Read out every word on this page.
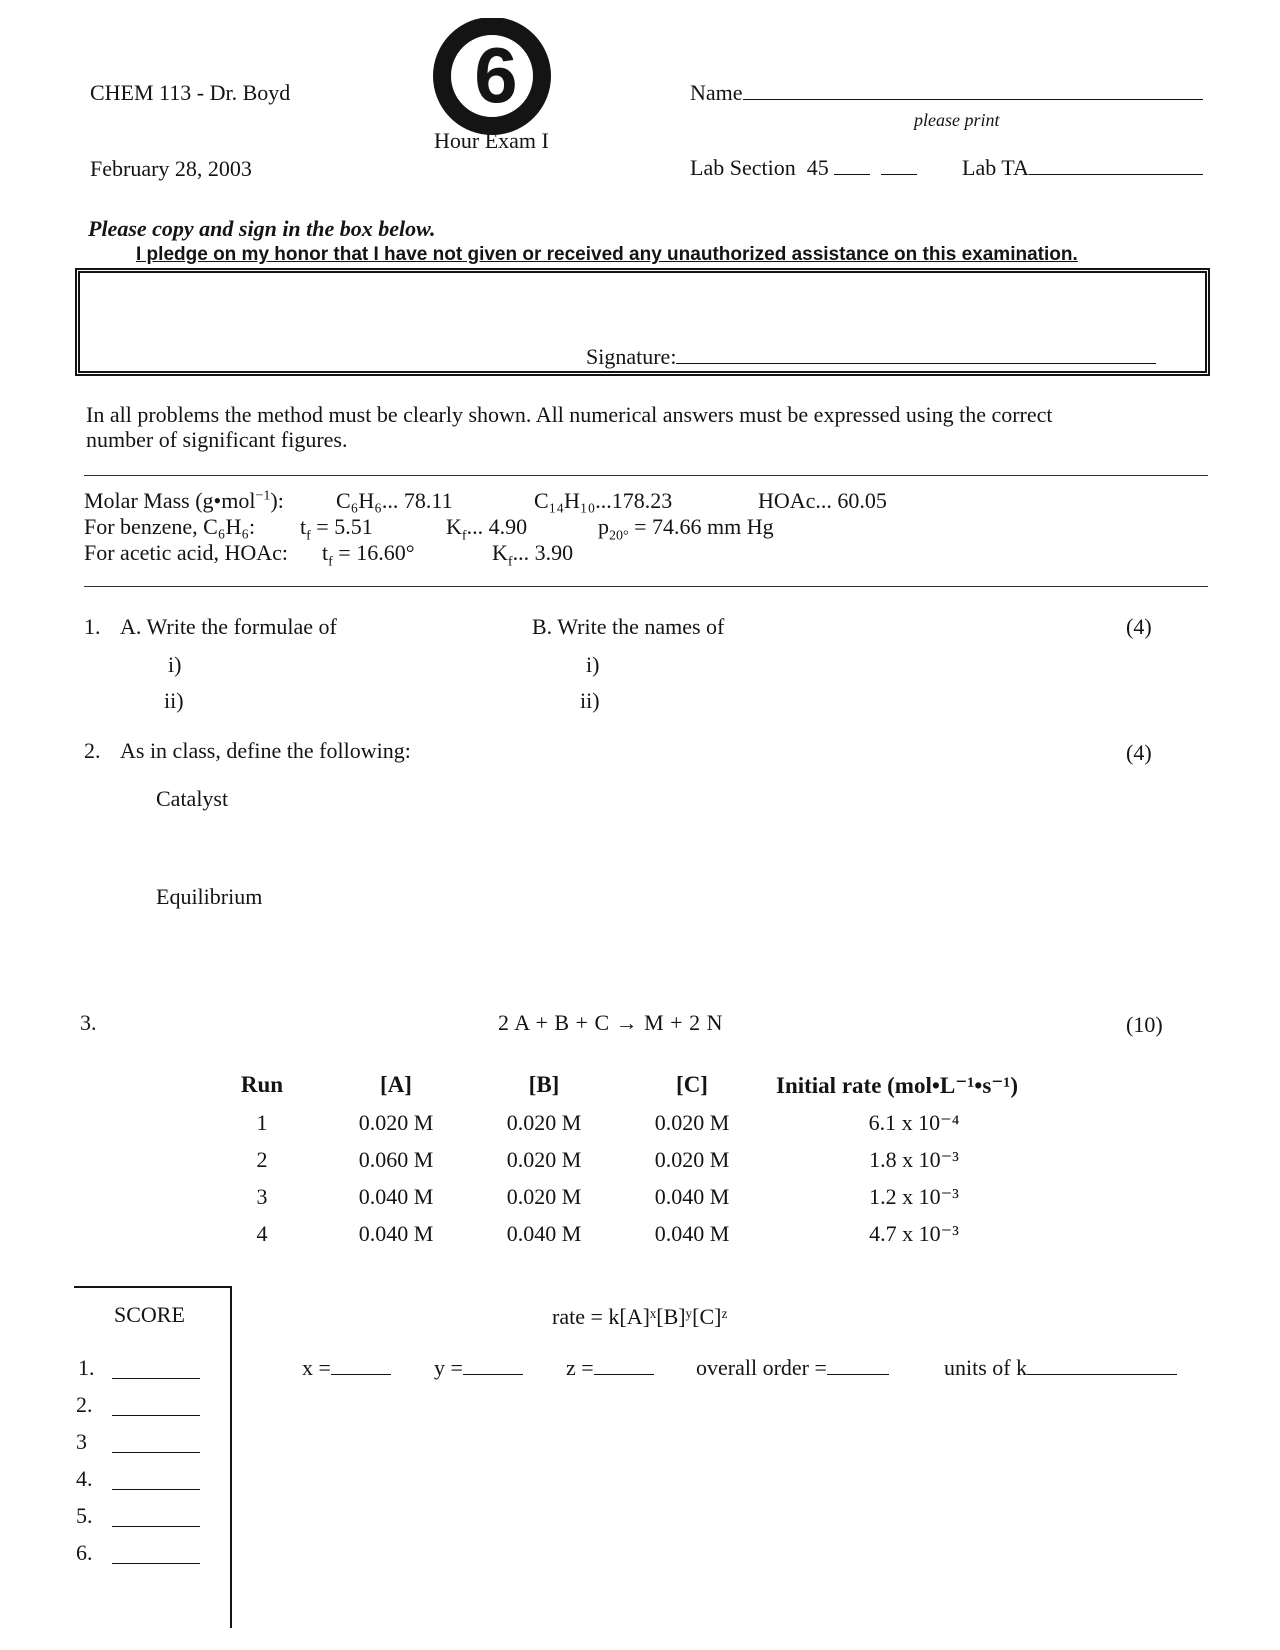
CHEM 113 - Dr. Boyd
February 28, 2003
6
Hour Exam I
Name
please print
Lab Section 45	Lab TA
Please copy and sign in the box below.
I pledge on my honor that I have not given or received any unauthorized assistance on this examination.
Signature:
In all problems the method must be clearly shown. All numerical answers must be expressed using the correct
number of significant figures.
Molar Mass (g•mol$^{-1}$): C₆H₆... 78.11	C₁₄H₁₀...178.23	HOAc... 60.05
For benzene, C₆H₆: $t_f = 5.51$	$K_f$... 4.90	$p_{20^\circ} = 74.66$ mm Hg
For acetic acid, HOAc: $t_f = 16.60^\circ$	$K_f$... 3.90
1. A. Write the formulae of	B. Write the names of	(4)
i)
ii)
i)
ii)
2. As in class, define the following:	(4)
Catalyst
Equilibrium
3.	2 A + B + C → M + 2 N	(10)
Run	[A]	[B]	[C]	Initial rate (mol•L⁻¹•s⁻¹)
1	0.020 M	0.020 M	0.020 M	6.1 x 10⁻⁴
2	0.060 M	0.020 M	0.020 M	1.8 x 10⁻³
3	0.040 M	0.020 M	0.040 M	1.2 x 10⁻³
4	0.040 M	0.040 M	0.040 M	4.7 x 10⁻³
rate = k[A]ˣ[B]ʸ[C]ᶻ
x =	y =	z =	overall order =	units of k
SCORE
1.
2.
3
4.
5.
6.
